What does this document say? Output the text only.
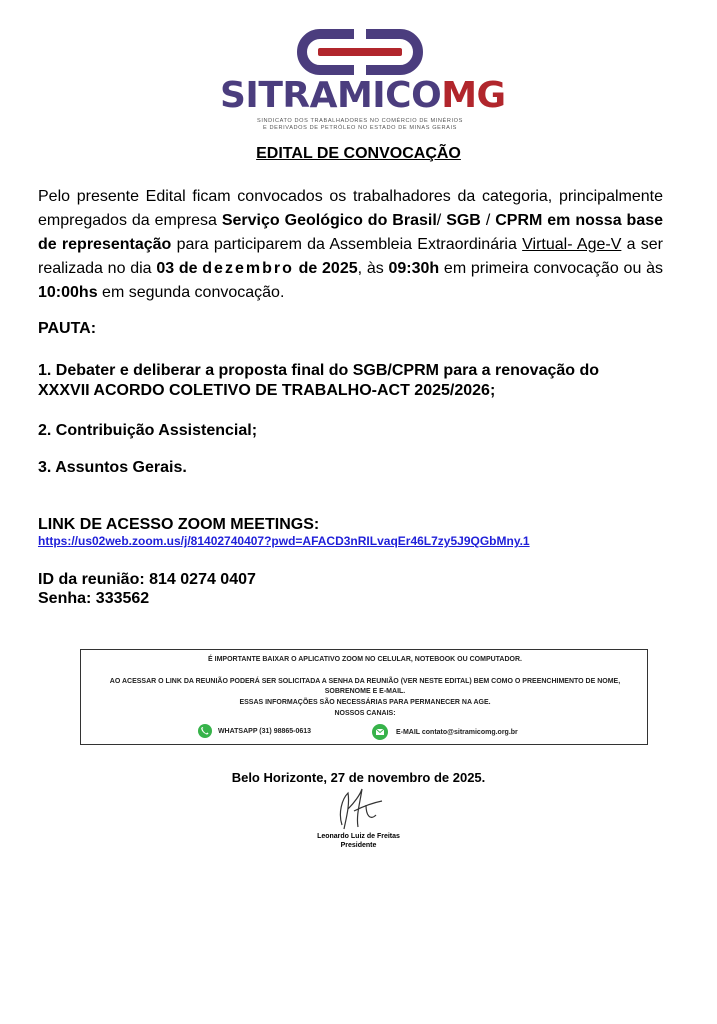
SITRAMICOMG
SINDICATO DOS TRABALHADORES NO COMÉRCIO DE MINÉRIOS
E DERIVADOS DE PETRÓLEO NO ESTADO DE MINAS GERAIS
EDITAL DE CONVOCAÇÃO
Pelo presente Edital ficam convocados os trabalhadores da categoria, principalmente empregados da empresa Serviço Geológico do Brasil/ SGB / CPRM em nossa base de representação para participarem da Assembleia Extraordinária Virtual- Age-V a ser realizada no dia 03 de dezembro de 2025, às 09:30h em primeira convocação ou às 10:00hs em segunda convocação.
PAUTA:
1. Debater e deliberar a proposta final do SGB/CPRM para a renovação do XXXVII ACORDO COLETIVO DE TRABALHO-ACT 2025/2026;
2. Contribuição Assistencial;
3. Assuntos Gerais.
LINK DE ACESSO ZOOM MEETINGS:
https://us02web.zoom.us/j/81402740407?pwd=AFACD3nRILvaqEr46L7zy5J9QGbMny.1
ID da reunião: 814 0274 0407
Senha: 333562
É IMPORTANTE BAIXAR O APLICATIVO ZOOM NO CELULAR, NOTEBOOK OU COMPUTADOR.
AO ACESSAR O LINK DA REUNIÃO PODERÁ SER SOLICITADA A SENHA DA REUNIÃO (VER NESTE EDITAL) BEM COMO O PREENCHIMENTO DE NOME,
SOBRENOME E E-MAIL.
ESSAS INFORMAÇÕES SÃO NECESSÁRIAS PARA PERMANECER NA AGE.
NOSSOS CANAIS:
WHATSAPP (31) 98865-0613	E-MAIL contato@sitramicomg.org.br
Belo Horizonte, 27 de novembro de 2025.
Leonardo Luiz de Freitas
Presidente
